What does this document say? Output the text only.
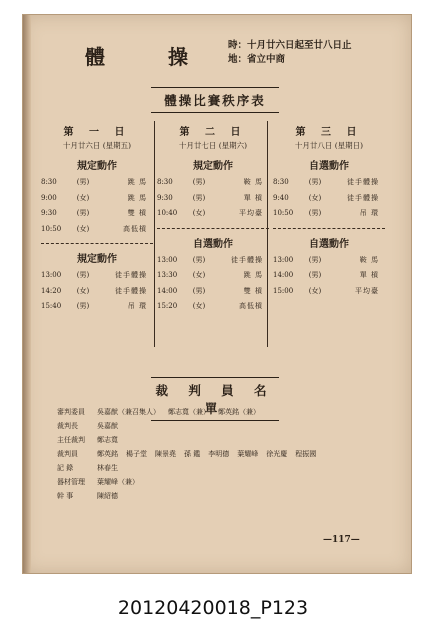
體 操 時：十月廿六日起至廿八日止
地：省立中商
體操比賽秩序表
第 一 日
十月廿六日 (星期五)
規定動作
8:30	(男)	跳 馬
9:00	(女)	跳 馬
9:30	(男)	雙 槓
10:50	(女)	高低槓
規定動作
13:00	(男)	徒手體操
14:20	(女)	徒手體操
15:40	(男)	吊 環
第 二 日
十月廿七日 (星期六)
規定動作
8:30	(男)	鞍 馬
9:30	(男)	單 槓
10:40	(女)	平均臺
自選動作
13:00	(男)	徒手體操
13:30	(女)	跳 馬
14:00	(男)	雙 槓
15:20	(女)	高低槓
第 三 日
十月廿八日 (星期日)
自選動作
8:30	(男)	徒手體操
9:40	(女)	徒手體操
10:50	(男)	吊 環
自選動作
13:00	(男)	鞍 馬
14:00	(男)	單 槓
15:00	(女)	平均臺
裁 判 員 名 單
審判委員 吳嘉猷（兼召集人） 鄭志寬（兼） 鄭英銘（兼）
裁判長	吳嘉猷
主任裁判 鄭志寬
裁判員	鄭英銘 楊子堂 陳景堯 孫 鑑 李明德 葉耀峰 徐光慶 程振國
記 錄	林春生
器材管理 葉耀峰（兼）
幹 事	陳紹德
—117—
20120420018_P123
